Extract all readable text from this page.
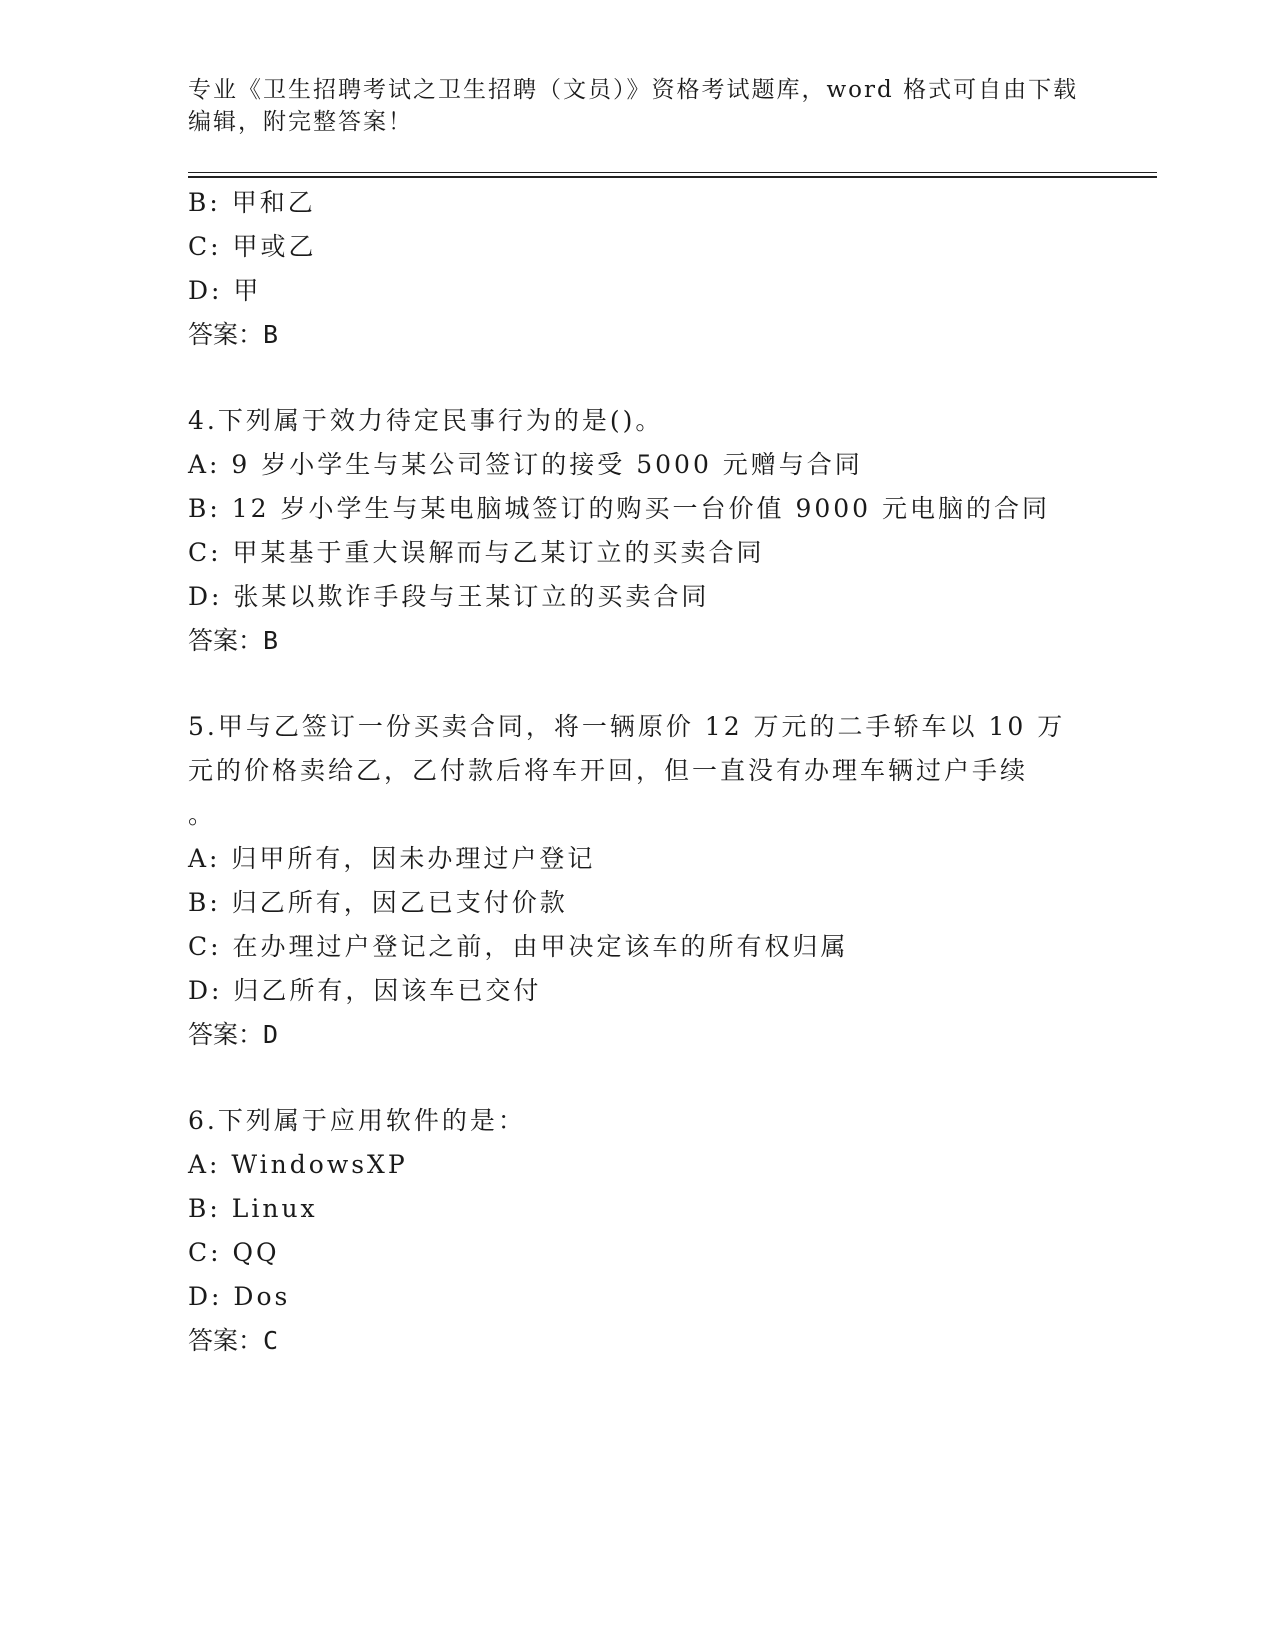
专业《卫生招聘考试之卫生招聘（文员）》资格考试题库，word 格式可自由下载
编辑，附完整答案！
B: 甲和乙
C: 甲或乙
D: 甲
答案：B
4.下列属于效力待定民事行为的是()。
A: 9 岁小学生与某公司签订的接受 5000 元赠与合同
B: 12 岁小学生与某电脑城签订的购买一台价值 9000 元电脑的合同
C: 甲某基于重大误解而与乙某订立的买卖合同
D: 张某以欺诈手段与王某订立的买卖合同
答案：B
5.甲与乙签订一份买卖合同，将一辆原价 12 万元的二手轿车以 10 万
元的价格卖给乙，乙付款后将车开回，但一直没有办理车辆过户手续
。
A: 归甲所有，因未办理过户登记
B: 归乙所有，因乙已支付价款
C: 在办理过户登记之前，由甲决定该车的所有权归属
D: 归乙所有，因该车已交付
答案：D
6.下列属于应用软件的是：
A: WindowsXP
B: Linux
C: QQ
D: Dos
答案：C
